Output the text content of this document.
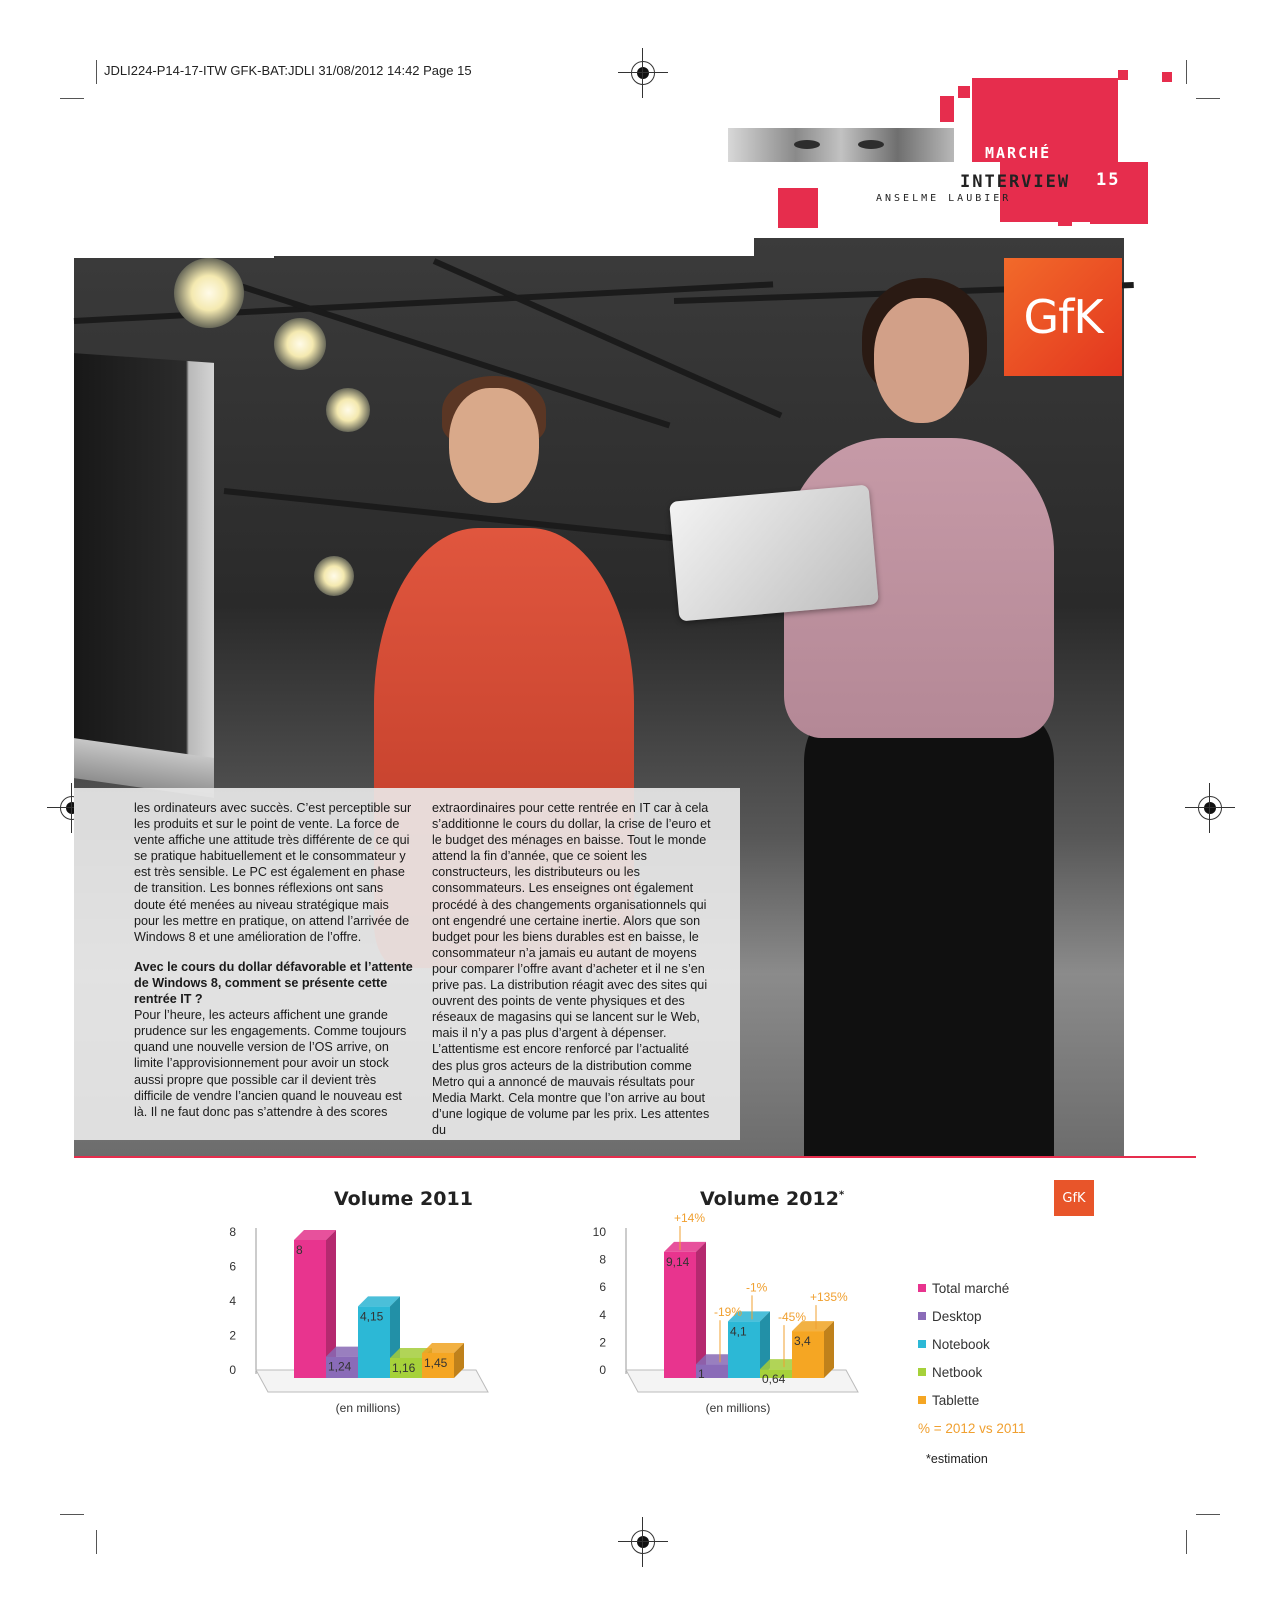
JDLI224-P14-17-ITW GFK-BAT:JDLI 31/08/2012 14:42 Page 15
MARCHÉ
INTERVIEW 15
ANSELME LAUBIER
GfK

les ordinateurs avec succès. C’est perceptible sur les produits et sur le point de vente. La force de vente affiche une attitude très différente de ce qui se pratique habituellement et le consommateur y est très sensible. Le PC est également en phase de transition. Les bonnes réflexions ont sans doute été menées au niveau stratégique mais pour les mettre en pratique, on attend l’arrivée de Windows 8 et une amélioration de l’offre.

Avec le cours du dollar défavorable et l’attente de Windows 8, comment se présente cette rentrée IT ?

Pour l’heure, les acteurs affichent une grande prudence sur les engagements. Comme toujours quand une nouvelle version de l’OS arrive, on limite l’approvisionnement pour avoir un stock aussi propre que possible car il devient très difficile de vendre l’ancien quand le nouveau est là. Il ne faut donc pas s’attendre à des scores

extraordinaires pour cette rentrée en IT car à cela s’additionne le cours du dollar, la crise de l’euro et le budget des ménages en baisse. Tout le monde attend la fin d’année, que ce soient les constructeurs, les distributeurs ou les consommateurs. Les enseignes ont également procédé à des changements organisationnels qui ont engendré une certaine inertie. Alors que son budget pour les biens durables est en baisse, le consommateur n’a jamais eu autant de moyens pour comparer l’offre avant d’acheter et il ne s’en prive pas. La distribution réagit avec des sites qui ouvrent des points de vente physiques et des réseaux de magasins qui se lancent sur le Web, mais il n’y a pas plus d’argent à dépenser. L’attentisme est encore renforcé par l’actualité des plus gros acteurs de la distribution comme Metro qui a annoncé de mauvais résultats pour Media Markt. Cela montre que l’on arrive au bout d’une logique de volume par les prix. Les attentes du

Volume 2011	Volume 2012*
0
2
4
6
8
8
1,24
4,15
1,16 1,45
(en millions)
0
2
4
6
8
10
9,14
1
4,1
0,64
3,4
+14%
-19%
-1%
-45%
+135%
(en millions)
Total marché
Desktop
Notebook
Netbook
Tablette
% = 2012 vs 2011
GfK
*estimation
